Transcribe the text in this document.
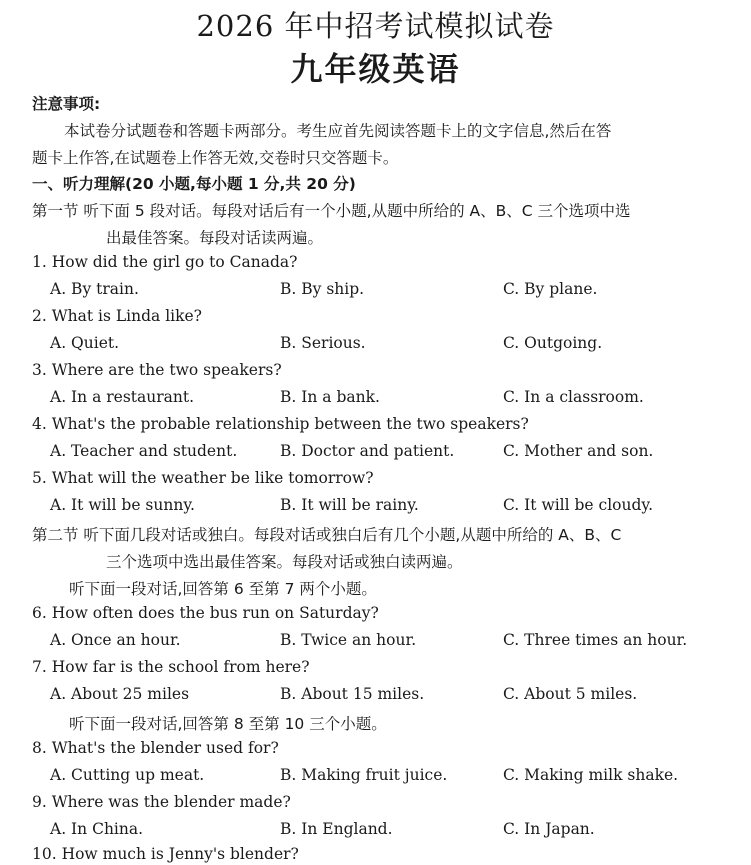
2026 年中招考试模拟试卷
九年级英语
注意事项:
本试卷分试题卷和答题卡两部分。考生应首先阅读答题卡上的文字信息,然后在答
题卡上作答,在试题卷上作答无效,交卷时只交答题卡。
一、听力理解(20 小题,每小题 1 分,共 20 分)
第一节 听下面 5 段对话。每段对话后有一个小题,从题中所给的 A、B、C 三个选项中选
出最佳答案。每段对话读两遍。
1. How did the girl go to Canada?
A. By train.	B. By ship.	C. By plane.
2. What is Linda like?
A. Quiet.	B. Serious.	C. Outgoing.
3. Where are the two speakers?
A. In a restaurant.	B. In a bank.	C. In a classroom.
4. What's the probable relationship between the two speakers?
A. Teacher and student.	B. Doctor and patient.	C. Mother and son.
5. What will the weather be like tomorrow?
A. It will be sunny.	B. It will be rainy.	C. It will be cloudy.
第二节 听下面几段对话或独白。每段对话或独白后有几个小题,从题中所给的 A、B、C
三个选项中选出最佳答案。每段对话或独白读两遍。
听下面一段对话,回答第 6 至第 7 两个小题。
6. How often does the bus run on Saturday?
A. Once an hour.	B. Twice an hour.	C. Three times an hour.
7. How far is the school from here?
A. About 25 miles	B. About 15 miles.	C. About 5 miles.
听下面一段对话,回答第 8 至第 10 三个小题。
8. What's the blender used for?
A. Cutting up meat.	B. Making fruit juice.	C. Making milk shake.
9. Where was the blender made?
A. In China.	B. In England.	C. In Japan.
10. How much is Jenny's blender?
